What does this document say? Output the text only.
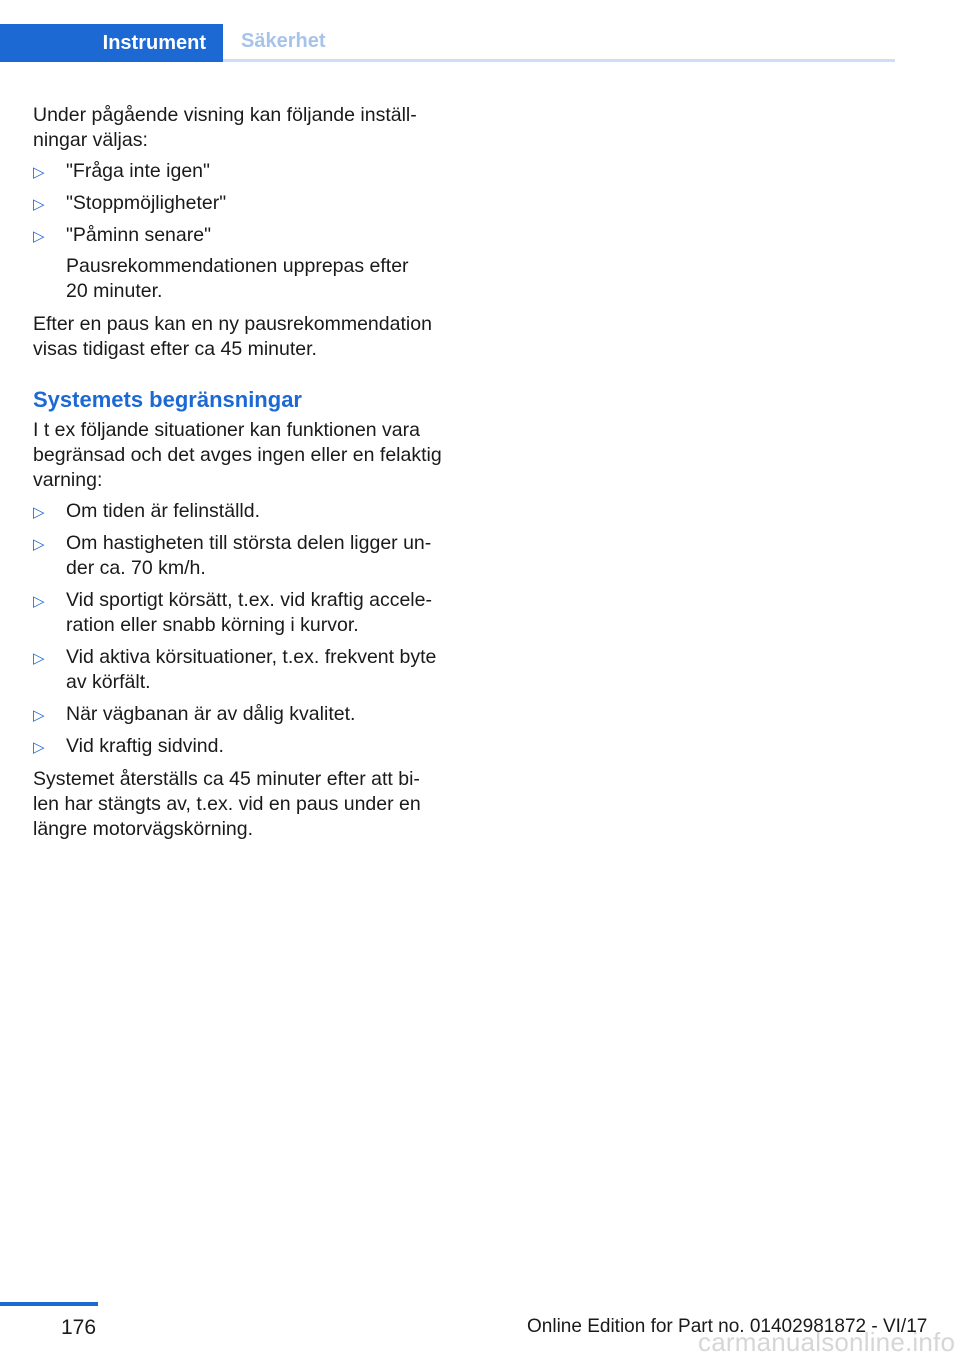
Instrument Säkerhet

Under pågående visning kan följande inställ-
ningar väljas:

▷ "Fråga inte igen"
▷ "Stoppmöjligheter"
▷ "Påminn senare"
Pausrekommendationen upprepas efter
20 minuter.

Efter en paus kan en ny pausrekommendation
visas tidigast efter ca 45 minuter.

Systemets begränsningar

I t ex följande situationer kan funktionen vara
begränsad och det avges ingen eller en felaktig
varning:

▷ Om tiden är felinställd.
▷ Om hastigheten till största delen ligger un-
der ca. 70 km/h.
▷ Vid sportigt körsätt, t.ex. vid kraftig accele-
ration eller snabb körning i kurvor.
▷ Vid aktiva körsituationer, t.ex. frekvent byte
av körfält.
▷ När vägbanan är av dålig kvalitet.
▷ Vid kraftig sidvind.

Systemet återställs ca 45 minuter efter att bi-
len har stängts av, t.ex. vid en paus under en
längre motorvägskörning.

176	Online Edition for Part no. 01402981872 - VI/17
carmanualsonline.info
